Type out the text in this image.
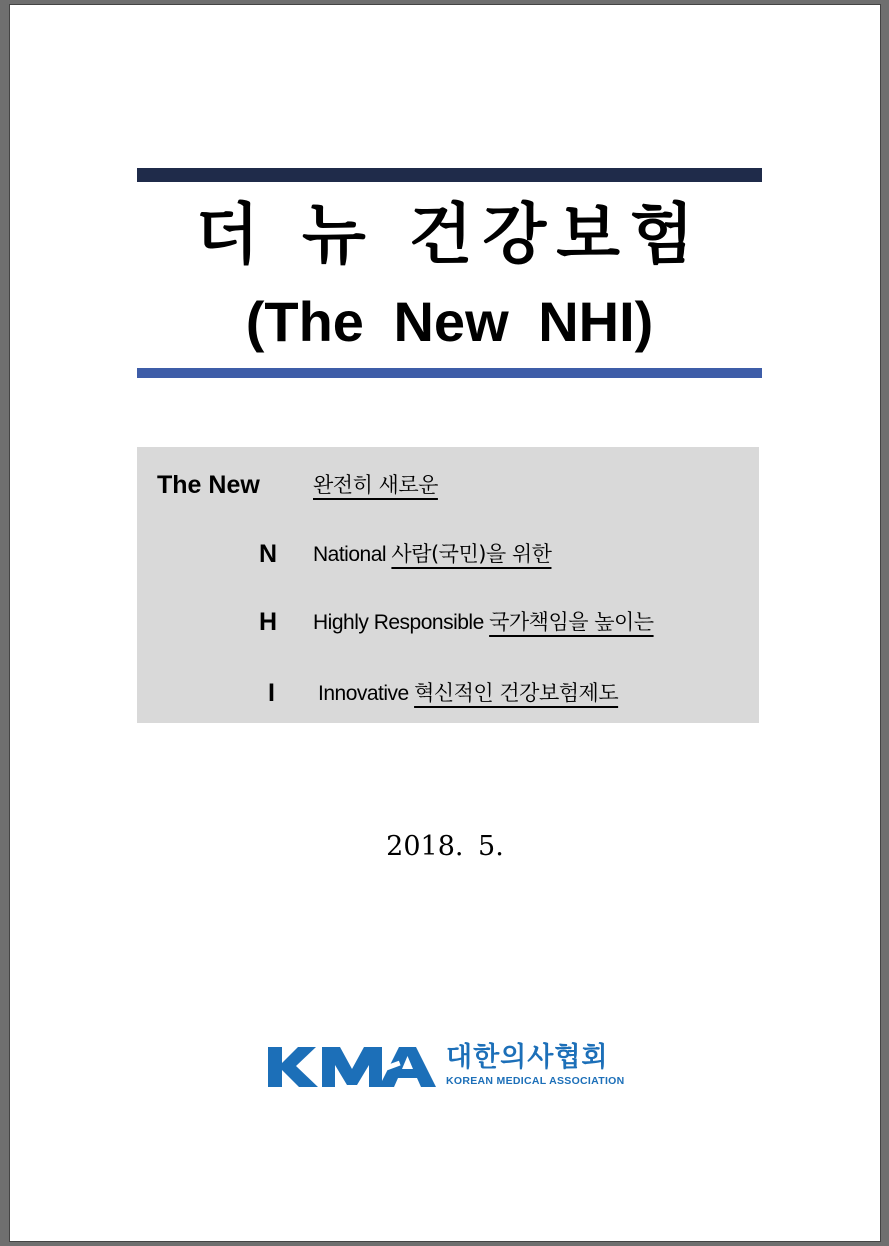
더 뉴 건강보험
(The New NHI)
The New	완전히 새로운
N National 사람(국민)을 위한
H Highly Responsible 국가책임을 높이는
I Innovative 혁신적인 건강보험제도
2018. 5.
대한의사협회
KOREAN MEDICAL ASSOCIATION
